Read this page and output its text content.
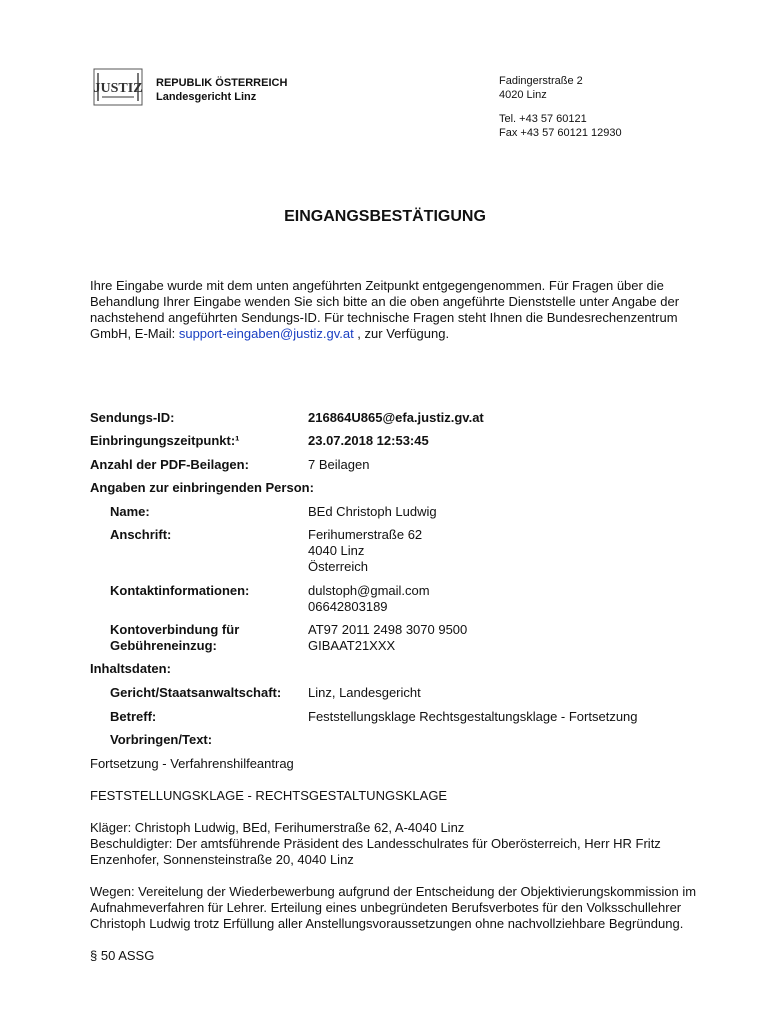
JUSTIZ REPUBLIK ÖSTERREICH
Landesgericht Linz
Fadingerstraße 2
4020 Linz
Tel. +43 57 60121
Fax +43 57 60121 12930
EINGANGSBESTÄTIGUNG
Ihre Eingabe wurde mit dem unten angeführten Zeitpunkt entgegengenommen. Für Fragen über die Behandlung Ihrer Eingabe wenden Sie sich bitte an die oben angeführte Dienststelle unter Angabe der nachstehend angeführten Sendungs-ID. Für technische Fragen steht Ihnen die Bundesrechenzentrum GmbH, E-Mail: support-eingaben@justiz.gv.at , zur Verfügung.
Sendungs-ID:	216864U865@efa.justiz.gv.at
Einbringungszeitpunkt:¹	23.07.2018 12:53:45
Anzahl der PDF-Beilagen:	7 Beilagen
Angaben zur einbringenden Person:
Name:	BEd Christoph Ludwig
Anschrift:	Ferihumerstraße 62
4040 Linz
Österreich
Kontaktinformationen:	dulstoph@gmail.com
06642803189
Kontoverbindung für
Gebühreneinzug:
AT97 2011 2498 3070 9500
GIBAAT21XXX
Inhaltsdaten:
Gericht/Staatsanwaltschaft: Linz, Landesgericht
Betreff:	Feststellungsklage Rechtsgestaltungsklage - Fortsetzung
Vorbringen/Text:
Fortsetzung - Verfahrenshilfeantrag
FESTSTELLUNGSKLAGE - RECHTSGESTALTUNGSKLAGE
Kläger: Christoph Ludwig, BEd, Ferihumerstraße 62, A-4040 Linz
Beschuldigter: Der amtsführende Präsident des Landesschulrates für Oberösterreich, Herr HR Fritz Enzenhofer, Sonnensteinstraße 20, 4040 Linz
Wegen: Vereitelung der Wiederbewerbung aufgrund der Entscheidung der Objektivierungskommission im Aufnahmeverfahren für Lehrer. Erteilung eines unbegründeten Berufsverbotes für den Volksschullehrer Christoph Ludwig trotz Erfüllung aller Anstellungsvoraussetzungen ohne nachvollziehbare Begründung.
§ 50 ASSG
